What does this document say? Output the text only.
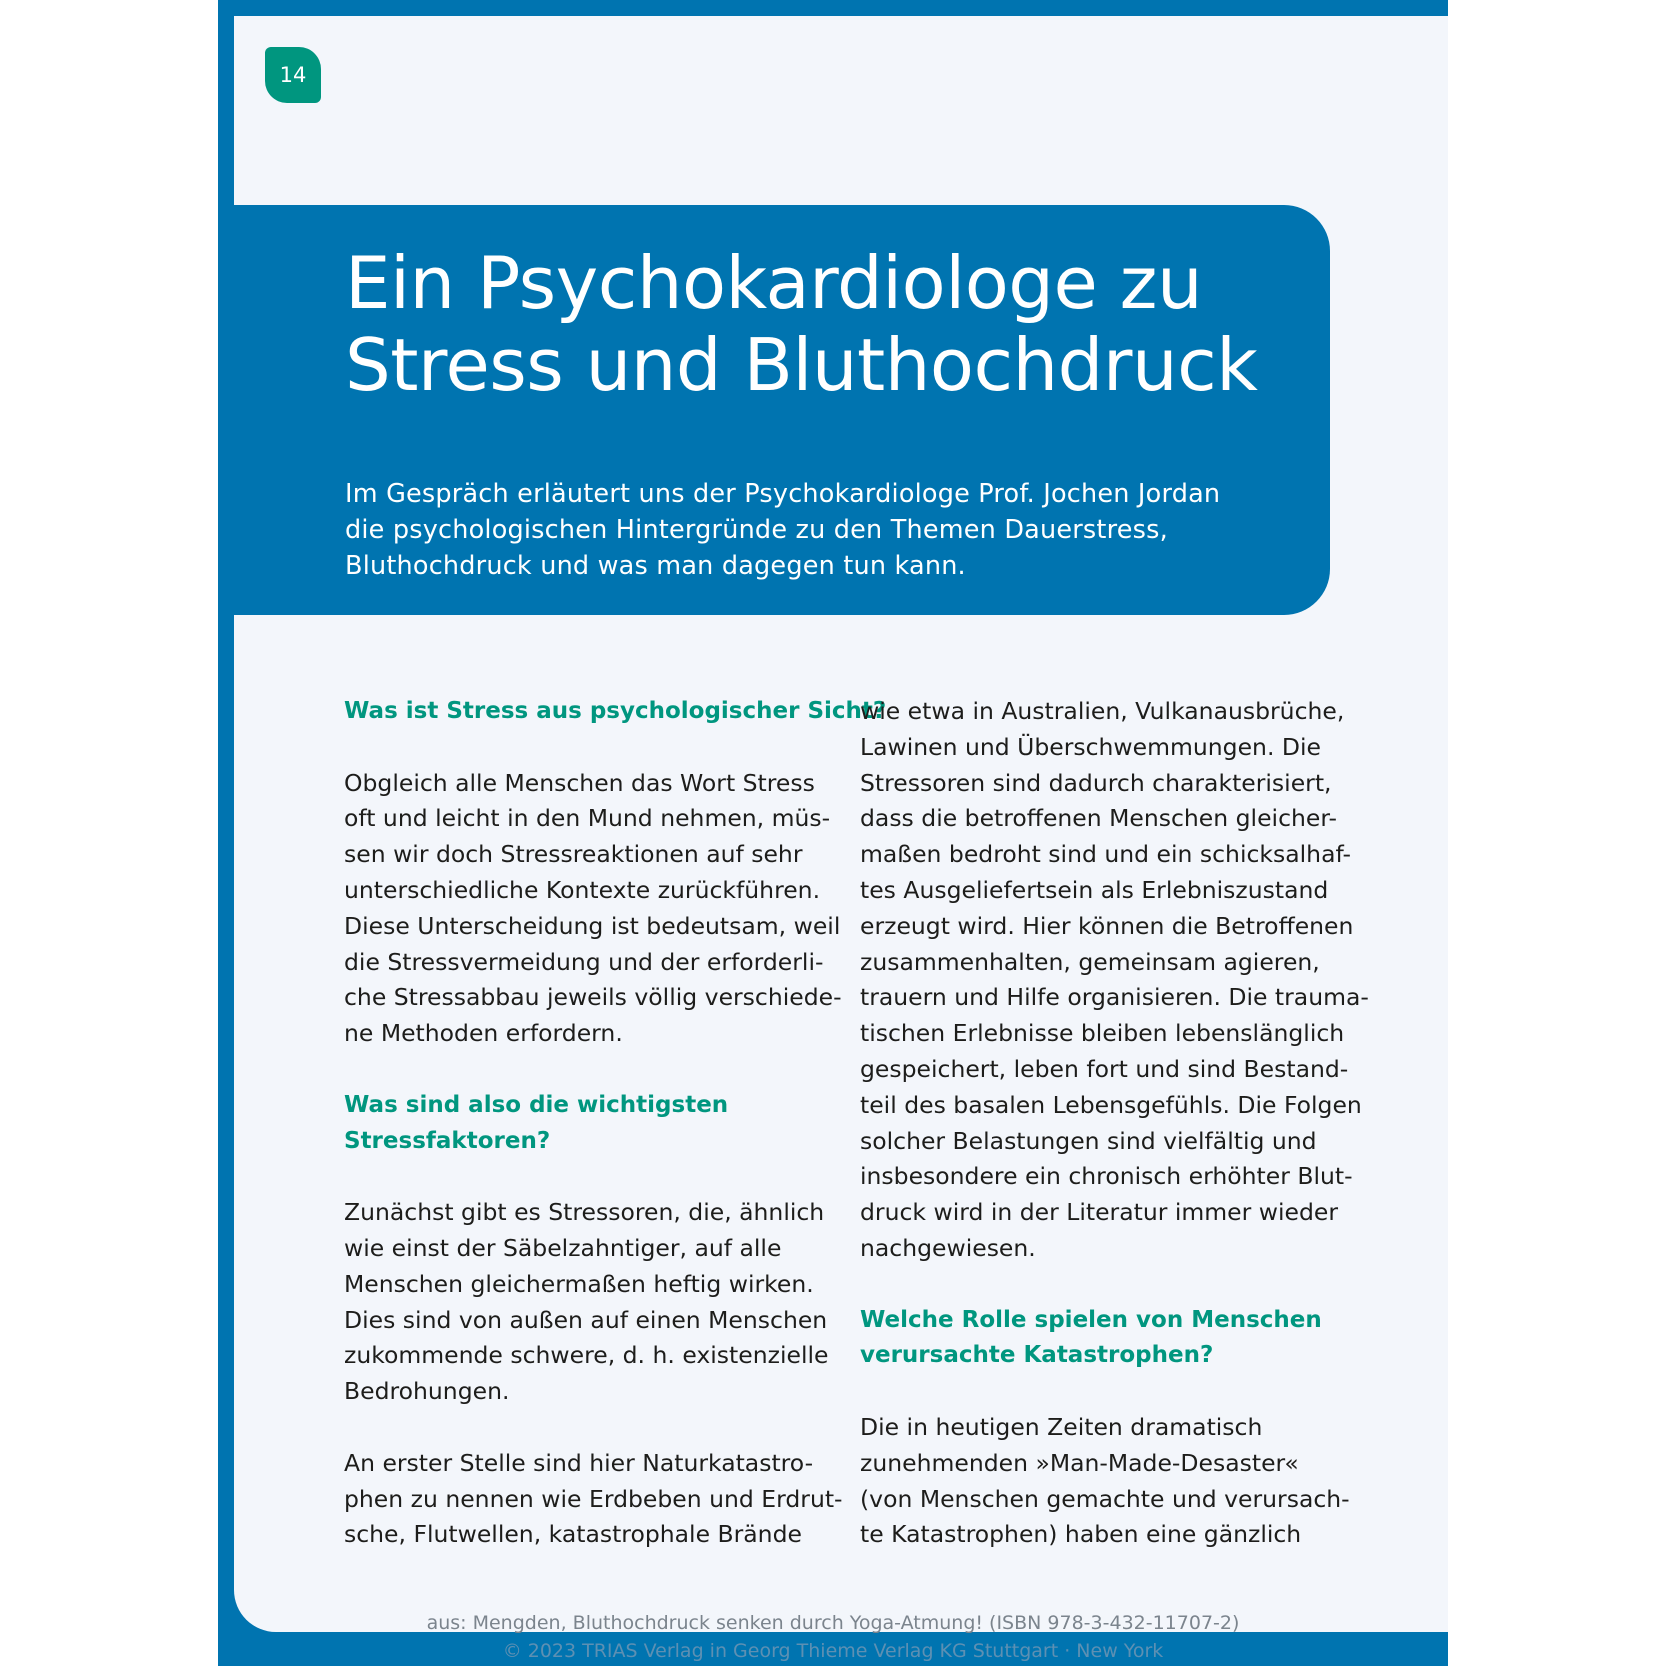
14
Ein Psychokardiologe zu
Stress und Bluthochdruck

Im Gespräch erläutert uns der Psychokardiologe Prof. Jochen Jordan
die psychologischen Hintergründe zu den Themen Dauerstress,
Bluthochdruck und was man dagegen tun kann.

Was ist Stress aus psychologischer Sicht?

Obgleich alle Menschen das Wort Stress
oft und leicht in den Mund nehmen, müs-
sen wir doch Stressreaktionen auf sehr
unterschiedliche Kontexte zurückführen.
Diese Unterscheidung ist bedeutsam, weil
die Stressvermeidung und der erforderli-
che Stressabbau jeweils völlig verschiede-
ne Methoden erfordern.

Was sind also die wichtigsten
Stressfaktoren?

Zunächst gibt es Stressoren, die, ähnlich
wie einst der Säbelzahntiger, auf alle
Menschen gleichermaßen heftig wirken.
Dies sind von außen auf einen Menschen
zukommende schwere, d. h. existenzielle
Bedrohungen.

An erster Stelle sind hier Naturkatastro-
phen zu nennen wie Erdbeben und Erdrut-
sche, Flutwellen, katastrophale Brände

wie etwa in Australien, Vulkanausbrüche,
Lawinen und Überschwemmungen. Die
Stressoren sind dadurch charakterisiert,
dass die betroffenen Menschen gleicher-
maßen bedroht sind und ein schicksalhaf-
tes Ausgeliefertsein als Erlebniszustand
erzeugt wird. Hier können die Betroffenen
zusammenhalten, gemeinsam agieren,
trauern und Hilfe organisieren. Die trauma-
tischen Erlebnisse bleiben lebenslänglich
gespeichert, leben fort und sind Bestand-
teil des basalen Lebensgefühls. Die Folgen
solcher Belastungen sind vielfältig und
insbesondere ein chronisch erhöhter Blut-
druck wird in der Literatur immer wieder
nachgewiesen.

Welche Rolle spielen von Menschen
verursachte Katastrophen?

Die in heutigen Zeiten dramatisch
zunehmenden »Man-Made-Desaster«
(von Menschen gemachte und verursach-
te Katastrophen) haben eine gänzlich

aus: Mengden, Bluthochdruck senken durch Yoga-Atmung! (ISBN 978-3-432-11707-2)
© 2023 TRIAS Verlag in Georg Thieme Verlag KG Stuttgart · New York
